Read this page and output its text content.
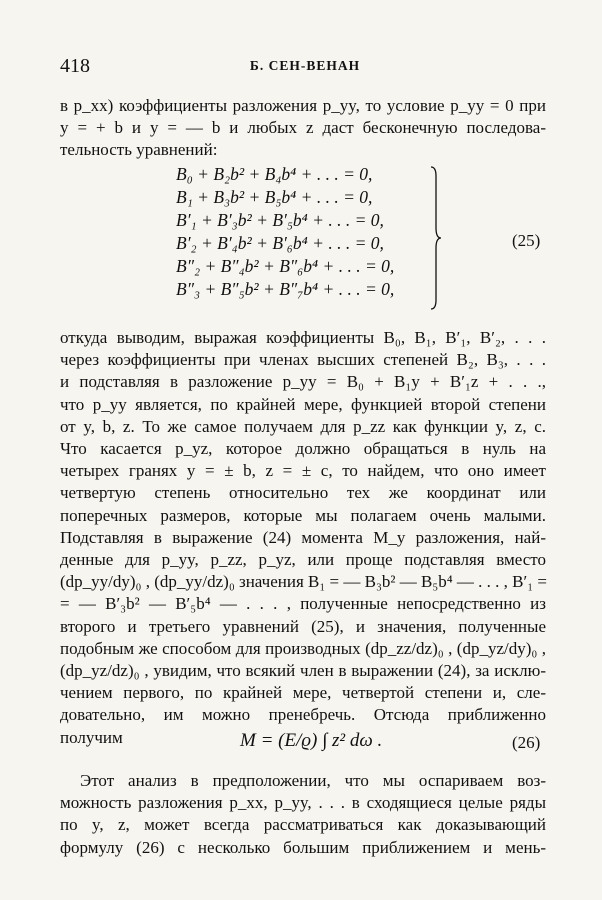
418	Б. СЕН-ВЕНАН
в p_xx) коэффициенты разложения p_yy, то условие p_yy = 0 при
y = + b и y = — b и любых z даст бесконечную последова-
тельность уравнений:
B₀ + B₂b² + B₄b⁴ + . . . = 0,
B₁ + B₃b² + B₅b⁴ + . . . = 0,
B′₁ + B′₃b² + B′₅b⁴ + . . . = 0,
B′₂ + B′₄b² + B′₆b⁴ + . . . = 0,
B″₂ + B″₄b² + B″₆b⁴ + . . . = 0,
B″₃ + B″₅b² + B″₇b⁴ + . . . = 0,
(25)
откуда выводим, выражая коэффициенты B₀, B₁, B′₁, B′₂, . . .
через коэффициенты при членах высших степеней B₂, B₃, . . .
и подставляя в разложение p_yy = B₀ + B₁y + B′₁z + . . .,
что p_yy является, по крайней мере, функцией второй степени
от y, b, z. То же самое получаем для p_zz как функции y, z, c.
Что касается p_yz, которое должно обращаться в нуль на
четырех гранях y = ± b, z = ± c, то найдем, что оно имеет
четвертую степень относительно тех же координат или
поперечных размеров, которые мы полагаем очень малыми.
Подставляя в выражение (24) момента M_y разложения, най-
денные для p_yy, p_zz, p_yz, или проще подставляя вместо
(dp_yy/dy)₀ , (dp_yy/dz)₀ значения B₁ = — B₃b² — B₅b⁴ — . . . , B′₁ =
= — B′₃b² — B′₅b⁴ — . . . , полученные непосредственно из
второго и третьего уравнений (25), и значения, полученные
подобным же способом для производных (dp_zz/dz)₀ , (dp_yz/dy)₀ ,
(dp_yz/dz)₀ , увидим, что всякий член в выражении (24), за исклю-
чением первого, по крайней мере, четвертой степени и, сле-
довательно, им можно пренебречь. Отсюда приближенно
получим	M = (E/ϱ) ∫ z² dω .	(26)
Этот анализ в предположении, что мы оспариваем воз-
можность разложения p_xx, p_yy, . . . в сходящиеся целые ряды
по y, z, может всегда рассматриваться как доказывающий
формулу (26) с несколько большим приближением и мень-
